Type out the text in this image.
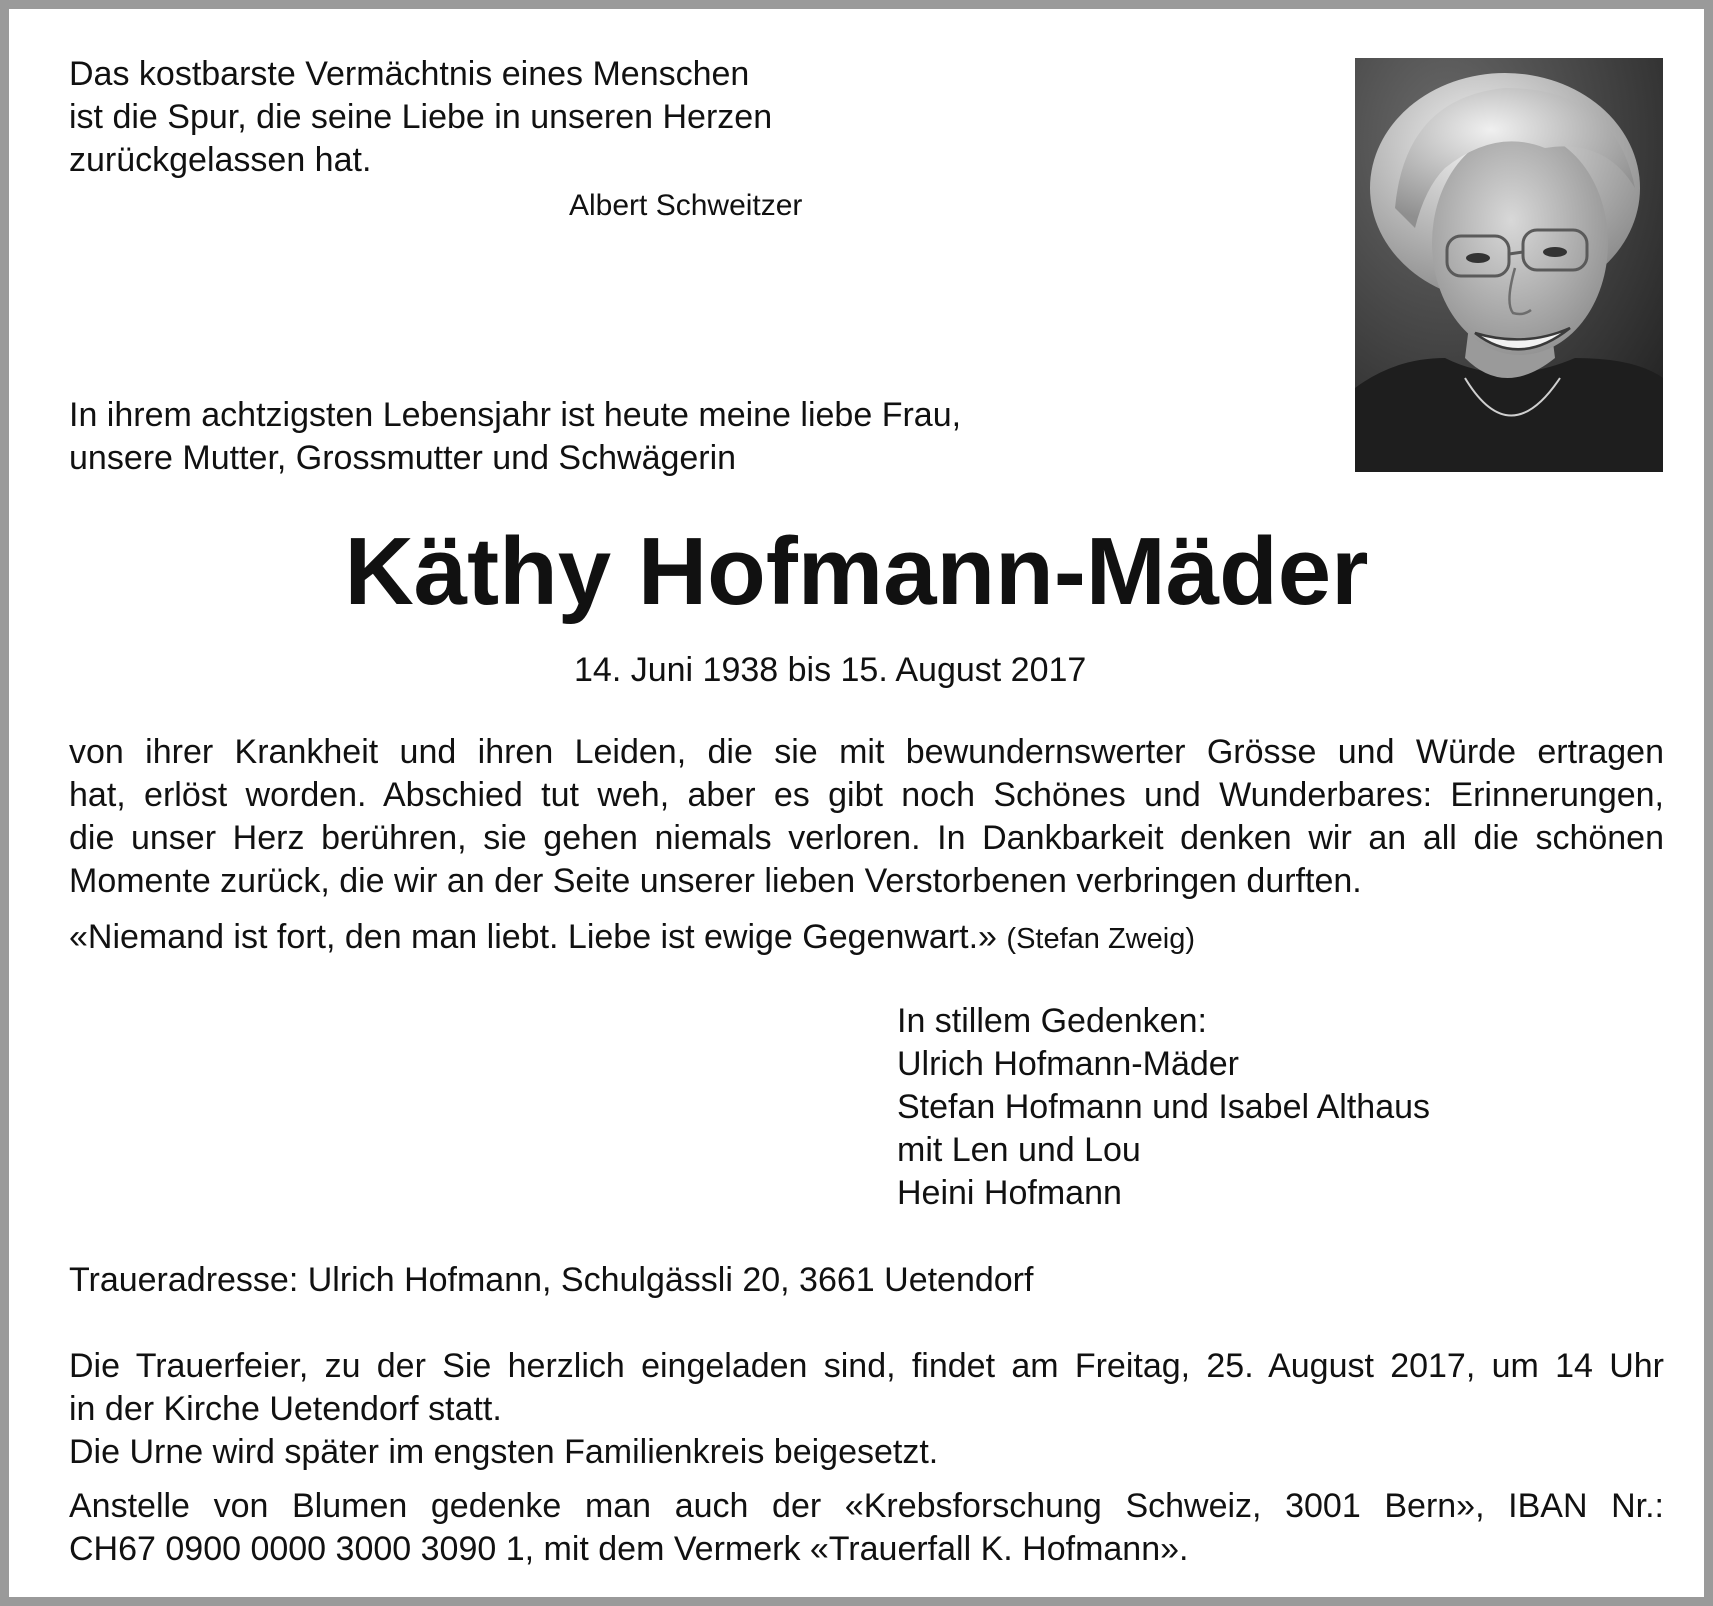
Das kostbarste Vermächtnis eines Menschen
ist die Spur, die seine Liebe in unseren Herzen
zurückgelassen hat.

Albert Schweitzer

In ihrem achtzigsten Lebensjahr ist heute meine liebe Frau,
unsere Mutter, Grossmutter und Schwägerin

Käthy Hofmann-Mäder

14. Juni 1938 bis 15. August 2017

von ihrer Krankheit und ihren Leiden, die sie mit bewundernswerter Grösse und Würde ertragen
hat, erlöst worden. Abschied tut weh, aber es gibt noch Schönes und Wunderbares: Erinnerungen,
die unser Herz berühren, sie gehen niemals verloren. In Dankbarkeit denken wir an all die schönen
Momente zurück, die wir an der Seite unserer lieben Verstorbenen verbringen durften.

«Niemand ist fort, den man liebt. Liebe ist ewige Gegenwart.» (Stefan Zweig)

In stillem Gedenken:
Ulrich Hofmann-Mäder
Stefan Hofmann und Isabel Althaus
mit Len und Lou
Heini Hofmann

Traueradresse: Ulrich Hofmann, Schulgässli 20, 3661 Uetendorf

Die Trauerfeier, zu der Sie herzlich eingeladen sind, findet am Freitag, 25. August 2017, um 14 Uhr
in der Kirche Uetendorf statt.
Die Urne wird später im engsten Familienkreis beigesetzt.

Anstelle von Blumen gedenke man auch der «Krebsforschung Schweiz, 3001 Bern», IBAN Nr.:
CH67 0900 0000 3000 3090 1, mit dem Vermerk «Trauerfall K. Hofmann».
